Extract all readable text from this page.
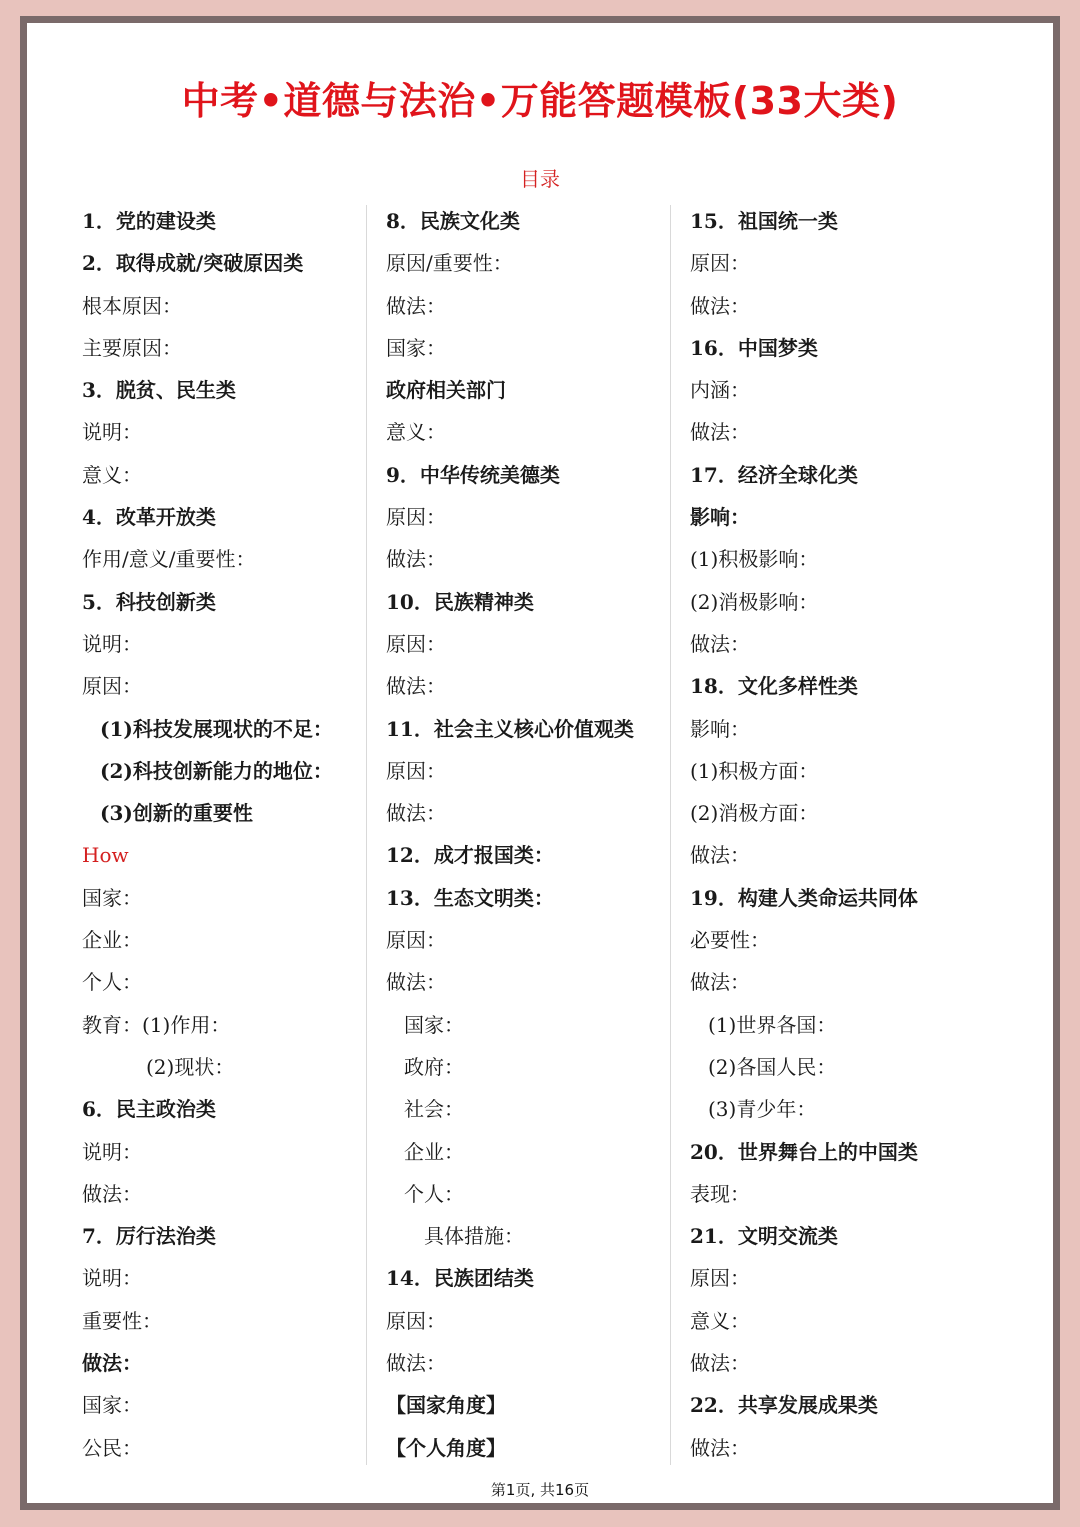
中考•道德与法治•万能答题模板(33大类)
目录
1．党的建设类
2．取得成就/突破原因类
根本原因：
主要原因：
3．脱贫、民生类
说明：
意义：
4．改革开放类
作用/意义/重要性：
5．科技创新类
说明：
原因：
(1)科技发展现状的不足：
(2)科技创新能力的地位：
(3)创新的重要性
How
国家：
企业：
个人：
教育：(1)作用：
(2)现状：
6．民主政治类
说明：
做法：
7．厉行法治类
说明：
重要性：
做法：
国家：
公民：
8．民族文化类
原因/重要性：
做法：
国家：
政府相关部门
意义：
9．中华传统美德类
原因：
做法：
10．民族精神类
原因：
做法：
11．社会主义核心价值观类
原因：
做法：
12．成才报国类：
13．生态文明类：
原因：
做法：
国家：
政府：
社会：
企业：
个人：
具体措施：
14．民族团结类
原因：
做法：
【国家角度】
【个人角度】
15．祖国统一类
原因：
做法：
16．中国梦类
内涵：
做法：
17．经济全球化类
影响：
(1)积极影响：
(2)消极影响：
做法：
18．文化多样性类
影响：
(1)积极方面：
(2)消极方面：
做法：
19．构建人类命运共同体
必要性：
做法：
(1)世界各国：
(2)各国人民：
(3)青少年：
20．世界舞台上的中国类
表现：
21．文明交流类
原因：
意义：
做法：
22．共享发展成果类
做法：
第1页, 共16页
